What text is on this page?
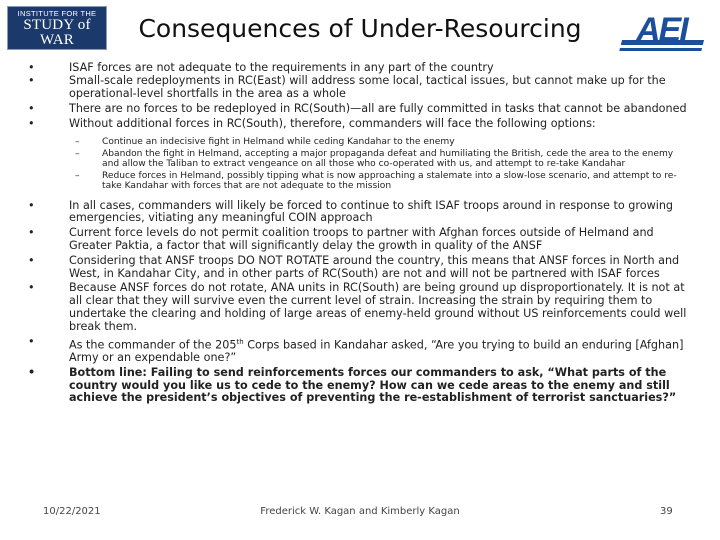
INSTITUTE FOR THE
STUDY of WAR
MILITARY ANALYSIS AND EDUCATION FOR CIVILIAN LEADERS
Consequences of Under-Resourcing	AEI
•	ISAF forces are not adequate to the requirements in any part of the country
•	Small-scale redeployments in RC(East) will address some local, tactical issues, but cannot make up for the operational-level shortfalls in the area as a whole
•	There are no forces to be redeployed in RC(South)—all are fully committed in tasks that cannot be abandoned
•	Without additional forces in RC(South), therefore, commanders will face the following options:
– Continue an indecisive fight in Helmand while ceding Kandahar to the enemy
– Abandon the fight in Helmand, accepting a major propaganda defeat and humiliating the British, cede the area to the enemy and allow the Taliban to extract vengeance on all those who co-operated with us, and attempt to re-take Kandahar
– Reduce forces in Helmand, possibly tipping what is now approaching a stalemate into a slow-lose scenario, and attempt to re-take Kandahar with forces that are not adequate to the mission
•	In all cases, commanders will likely be forced to continue to shift ISAF troops around in response to growing emergencies, vitiating any meaningful COIN approach
•	Current force levels do not permit coalition troops to partner with Afghan forces outside of Helmand and Greater Paktia, a factor that will significantly delay the growth in quality of the ANSF
•	Considering that ANSF troops DO NOT ROTATE around the country, this means that ANSF forces in North and West, in Kandahar City, and in other parts of RC(South) are not and will not be partnered with ISAF forces
•	Because ANSF forces do not rotate, ANA units in RC(South) are being ground up disproportionately. It is not at all clear that they will survive even the current level of strain. Increasing the strain by requiring them to undertake the clearing and holding of large areas of enemy-held ground without US reinforcements could well break them.
•	As the commander of the 205th Corps based in Kandahar asked, “Are you trying to build an enduring [Afghan] Army or an expendable one?”
•	Bottom line: Failing to send reinforcements forces our commanders to ask, “What parts of the country would you like us to cede to the enemy? How can we cede areas to the enemy and still achieve the president’s objectives of preventing the re-establishment of terrorist sanctuaries?”
10/22/2021	Frederick W. Kagan and Kimberly Kagan	39
